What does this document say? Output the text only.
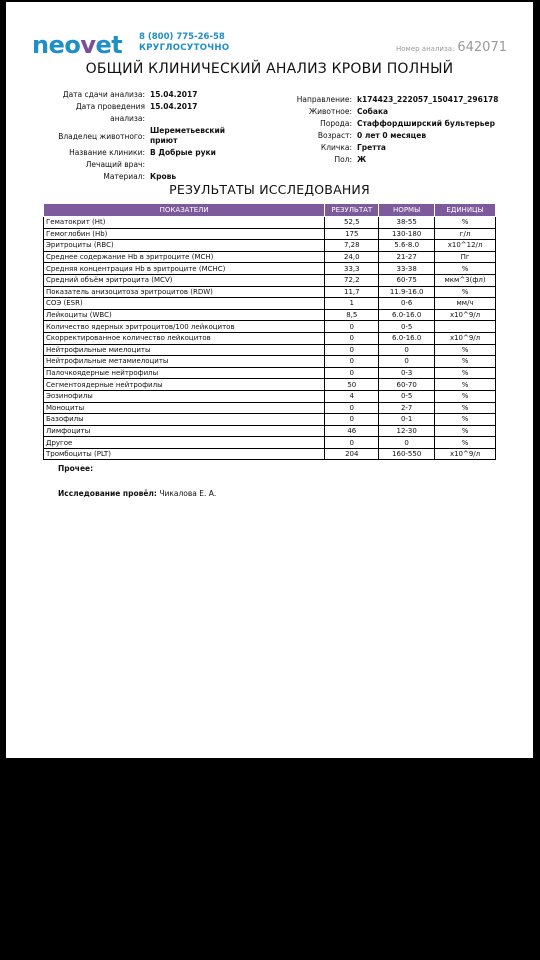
neovet 8 (800) 775-26-58
КРУГЛОСУТОЧНО	Номер анализа: 642071
ОБЩИЙ КЛИНИЧЕСКИЙ АНАЛИЗ КРОВИ ПОЛНЫЙ
Дата сдачи анализа: 15.04.2017
Дата проведения анализа:
15.04.2017
Владелец животного:
Шереметьевский приют
Название клиники: В Добрые руки
Лечащий врач:
Материал: Кровь
Направление: k174423_222057_150417_296178
Животное: Собака
Порода: Стаффордширский бультерьер
Возраст: 0 лет 0 месяцев
Кличка: Гретта
Пол: Ж
РЕЗУЛЬТАТЫ ИССЛЕДОВАНИЯ
ПОКАЗАТЕЛИ	РЕЗУЛЬТАТ	НОРМЫ	ЕДИНИЦЫ
Гематокрит (Ht)	52,5	38-55	%
Гемоглобин (Hb)	175	130-180	г/л
Эритроциты (RBC)	7,28	5.6-8.0	х10^12/л
Среднее содержание Hb в эритроците (MCH)	24,0	21-27	Пг
Средняя концентрация Hb в эритроците (MCHC)	33,3	33-38	%
Средний объём эритроцита (MCV)	72,2	60-75	мкм^3(фл)
Показатель анизоцитоза эритроцитов (RDW)	11,7	11.9-16.0	%
СОЭ (ESR)	1	0-6	мм/ч
Лейкоциты (WBC)	8,5	6.0-16.0	х10^9/л
Количество ядерных эритроцитов/100 лейкоцитов	0	0-5	
Скорректированное количество лейкоцитов	0	6.0-16.0	х10^9/л
Нейтрофильные миелоциты	0	0	%
Нейтрофильные метамиелоциты	0	0	%
Палочкоядерные нейтрофилы	0	0-3	%
Сегментоядерные нейтрофилы	50	60-70	%
Эозинофилы	4	0-5	%
Моноциты	0	2-7	%
Базофилы	0	0-1	%
Лимфоциты	46	12-30	%
Другое	0	0	%
Тромбоциты (PLT)	204	160-550	х10^9/л
Прочее:
Исследование провёл: Чикалова Е. А.
